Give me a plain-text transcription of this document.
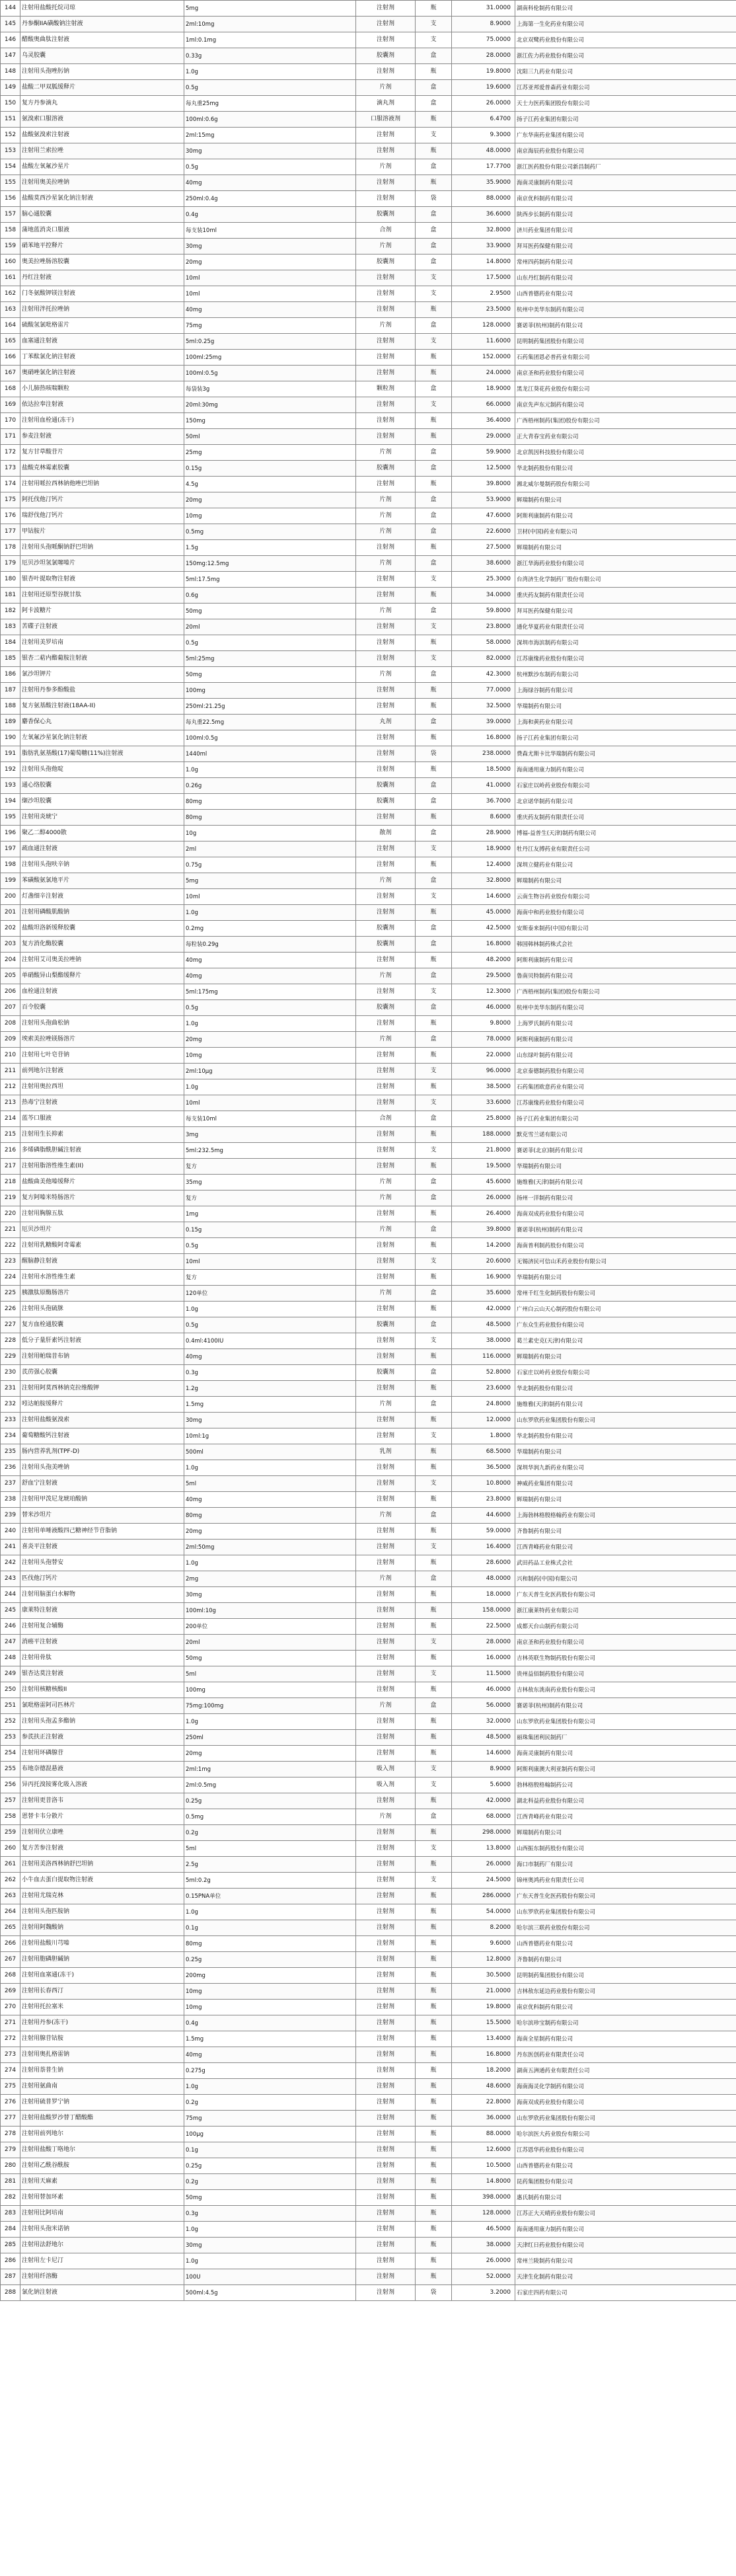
144	注射用盐酸托烷司琼	5mg	注射剂	瓶	31.0000	湖南科伦制药有限公司
145	丹参酮IIA磺酸钠注射液	2ml:10mg	注射剂	支	8.9000	上海第一生化药业有限公司
146	醋酸奥曲肽注射液	1ml:0.1mg	注射剂	支	75.0000	北京双鹭药业股份有限公司
147	乌灵胶囊	0.33g	胶囊剂	盒	28.0000	浙江佐力药业股份有限公司
148	注射用头孢唑肟钠	1.0g	注射剂	瓶	19.8000	沈阳三九药业有限公司
149	盐酸二甲双胍缓释片	0.5g	片剂	盒	19.6000	江苏亚邦爱普森药业有限公司
150	复方丹参滴丸	每丸重25mg	滴丸剂	盒	26.0000	天士力医药集团股份有限公司
151	氨溴索口服溶液	100ml:0.6g	口服溶液剂	瓶	6.4700	扬子江药业集团有限公司
152	盐酸氨溴索注射液	2ml:15mg	注射剂	支	9.3000	广东华南药业集团有限公司
153	注射用兰索拉唑	30mg	注射剂	瓶	48.0000	南京海辰药业股份有限公司
154	盐酸左氧氟沙星片	0.5g	片剂	盒	17.7700	浙江医药股份有限公司新昌制药厂
155	注射用奥美拉唑钠	40mg	注射剂	瓶	35.9000	海南灵康制药有限公司
156	盐酸莫西沙星氯化钠注射液	250ml:0.4g	注射剂	袋	88.0000	南京优科制药有限公司
157	脑心通胶囊	0.4g	胶囊剂	盒	36.6000	陕西步长制药有限公司
158	蒲地蓝消炎口服液	每支装10ml	合剂	盒	32.8000	济川药业集团有限公司
159	硝苯地平控释片	30mg	片剂	盒	33.9000	拜耳医药保健有限公司
160	奥美拉唑肠溶胶囊	20mg	胶囊剂	盒	14.8000	常州四药制药有限公司
161	丹红注射液	10ml	注射剂	支	17.5000	山东丹红制药有限公司
162	门冬氨酸钾镁注射液	10ml	注射剂	支	2.9500	山西普德药业有限公司
163	注射用泮托拉唑钠	40mg	注射剂	瓶	23.5000	杭州中美华东制药有限公司
164	硫酸氢氯吡格雷片	75mg	片剂	盒	128.0000	赛诺菲(杭州)制药有限公司
165	血塞通注射液	5ml:0.25g	注射剂	支	11.6000	昆明制药集团股份有限公司
166	丁苯酞氯化钠注射液	100ml:25mg	注射剂	瓶	152.0000	石药集团恩必普药业有限公司
167	奥硝唑氯化钠注射液	100ml:0.5g	注射剂	瓶	24.0000	南京圣和药业股份有限公司
168	小儿肺热咳喘颗粒	每袋装3g	颗粒剂	盒	18.9000	黑龙江葵花药业股份有限公司
169	依达拉奉注射液	20ml:30mg	注射剂	支	66.0000	南京先声东元制药有限公司
170	注射用血栓通(冻干)	150mg	注射剂	瓶	36.4000	广西梧州制药(集团)股份有限公司
171	参麦注射液	50ml	注射剂	瓶	29.0000	正大青春宝药业有限公司
172	复方甘草酸苷片	25mg	片剂	盒	59.9000	北京凯因科技股份有限公司
173	盐酸克林霉素胶囊	0.15g	胶囊剂	盒	12.5000	华北制药股份有限公司
174	注射用哌拉西林钠他唑巴坦钠	4.5g	注射剂	瓶	39.8000	湘北威尔曼制药股份有限公司
175	阿托伐他汀钙片	20mg	片剂	盒	53.9000	辉瑞制药有限公司
176	瑞舒伐他汀钙片	10mg	片剂	盒	47.6000	阿斯利康制药有限公司
177	甲钴胺片	0.5mg	片剂	盒	22.6000	卫材(中国)药业有限公司
178	注射用头孢哌酮钠舒巴坦钠	1.5g	注射剂	瓶	27.5000	辉瑞制药有限公司
179	厄贝沙坦氢氯噻嗪片	150mg:12.5mg	片剂	盒	38.6000	浙江华海药业股份有限公司
180	银杏叶提取物注射液	5ml:17.5mg	注射剂	支	25.3000	台湾济生化学制药厂股份有限公司
181	注射用还原型谷胱甘肽	0.6g	注射剂	瓶	34.0000	重庆药友制药有限责任公司
182	阿卡波糖片	50mg	片剂	盒	59.8000	拜耳医药保健有限公司
183	苦碟子注射液	20ml	注射剂	支	23.8000	通化华夏药业有限责任公司
184	注射用美罗培南	0.5g	注射剂	瓶	58.0000	深圳市海滨制药有限公司
185	银杏二萜内酯葡胺注射液	5ml:25mg	注射剂	支	82.0000	江苏康缘药业股份有限公司
186	氯沙坦钾片	50mg	片剂	盒	42.3000	杭州默沙东制药有限公司
187	注射用丹参多酚酸盐	100mg	注射剂	瓶	77.0000	上海绿谷制药有限公司
188	复方氨基酸注射液(18AA-II)	250ml:21.25g	注射剂	瓶	32.5000	华瑞制药有限公司
189	麝香保心丸	每丸重22.5mg	丸剂	盒	39.0000	上海和黄药业有限公司
190	左氧氟沙星氯化钠注射液	100ml:0.5g	注射剂	瓶	16.8000	扬子江药业集团有限公司
191	脂肪乳氨基酸(17)葡萄糖(11%)注射液	1440ml	注射剂	袋	238.0000	费森尤斯卡比华瑞制药有限公司
192	注射用头孢他啶	1.0g	注射剂	瓶	18.5000	海南通用康力制药有限公司
193	通心络胶囊	0.26g	胶囊剂	盒	41.0000	石家庄以岭药业股份有限公司
194	缬沙坦胶囊	80mg	胶囊剂	盒	36.7000	北京诺华制药有限公司
195	注射用炎琥宁	80mg	注射剂	瓶	8.6000	重庆药友制药有限责任公司
196	聚乙二醇4000散	10g	散剂	盒	28.9000	博福-益普生(天津)制药有限公司
197	疏血通注射液	2ml	注射剂	支	18.9000	牡丹江友搏药业有限责任公司
198	注射用头孢呋辛钠	0.75g	注射剂	瓶	12.4000	深圳立健药业有限公司
199	苯磺酸氨氯地平片	5mg	片剂	盒	32.8000	辉瑞制药有限公司
200	灯盏细辛注射液	10ml	注射剂	支	14.6000	云南生物谷药业股份有限公司
201	注射用磷酸肌酸钠	1.0g	注射剂	瓶	45.0000	海南中和药业股份有限公司
202	盐酸坦洛新缓释胶囊	0.2mg	胶囊剂	盒	42.5000	安斯泰来制药(中国)有限公司
203	复方消化酶胶囊	每粒装0.29g	胶囊剂	盒	16.8000	韩国韩林制药株式会社
204	注射用艾司奥美拉唑钠	40mg	注射剂	瓶	48.2000	阿斯利康制药有限公司
205	单硝酸异山梨酯缓释片	40mg	片剂	盒	29.5000	鲁南贝特制药有限公司
206	血栓通注射液	5ml:175mg	注射剂	支	12.3000	广西梧州制药(集团)股份有限公司
207	百令胶囊	0.5g	胶囊剂	盒	46.0000	杭州中美华东制药有限公司
208	注射用头孢曲松钠	1.0g	注射剂	瓶	9.8000	上海罗氏制药有限公司
209	埃索美拉唑镁肠溶片	20mg	片剂	盒	78.0000	阿斯利康制药有限公司
210	注射用七叶皂苷钠	10mg	注射剂	瓶	22.0000	山东绿叶制药有限公司
211	前列地尔注射液	2ml:10μg	注射剂	支	96.0000	北京泰德制药股份有限公司
212	注射用奥拉西坦	1.0g	注射剂	瓶	38.5000	石药集团欧意药业有限公司
213	热毒宁注射液	10ml	注射剂	支	33.6000	江苏康缘药业股份有限公司
214	蓝芩口服液	每支装10ml	合剂	盒	25.8000	扬子江药业集团有限公司
215	注射用生长抑素	3mg	注射剂	瓶	188.0000	默克雪兰诺有限公司
216	多烯磷脂酰胆碱注射液	5ml:232.5mg	注射剂	支	21.8000	赛诺菲(北京)制药有限公司
217	注射用脂溶性维生素(II)	复方	注射剂	瓶	19.5000	华瑞制药有限公司
218	盐酸曲美他嗪缓释片	35mg	片剂	盒	45.6000	施维雅(天津)制药有限公司
219	复方阿嗪米特肠溶片	复方	片剂	盒	26.0000	扬州一洋制药有限公司
220	注射用胸腺五肽	1mg	注射剂	瓶	26.4000	海南双成药业股份有限公司
221	厄贝沙坦片	0.15g	片剂	盒	39.8000	赛诺菲(杭州)制药有限公司
222	注射用乳糖酸阿奇霉素	0.5g	注射剂	瓶	14.2000	海南普利制药股份有限公司
223	醒脑静注射液	10ml	注射剂	支	20.6000	无锡济民可信山禾药业股份有限公司
224	注射用水溶性维生素	复方	注射剂	瓶	16.9000	华瑞制药有限公司
225	胰激肽原酶肠溶片	120单位	片剂	盒	35.6000	常州千红生化制药股份有限公司
226	注射用头孢硫脒	1.0g	注射剂	瓶	42.0000	广州白云山天心制药股份有限公司
227	复方血栓通胶囊	0.5g	胶囊剂	盒	48.5000	广东众生药业股份有限公司
228	低分子量肝素钙注射液	0.4ml:4100IU	注射剂	支	38.0000	葛兰素史克(天津)有限公司
229	注射用帕瑞昔布钠	40mg	注射剂	瓶	116.0000	辉瑞制药有限公司
230	芪苈强心胶囊	0.3g	胶囊剂	盒	52.8000	石家庄以岭药业股份有限公司
231	注射用阿莫西林钠克拉维酸钾	1.2g	注射剂	瓶	23.6000	华北制药股份有限公司
232	吲达帕胺缓释片	1.5mg	片剂	盒	24.8000	施维雅(天津)制药有限公司
233	注射用盐酸氨溴索	30mg	注射剂	瓶	12.0000	山东罗欣药业集团股份有限公司
234	葡萄糖酸钙注射液	10ml:1g	注射剂	支	1.8000	华北制药股份有限公司
235	肠内营养乳剂(TPF-D)	500ml	乳剂	瓶	68.5000	华瑞制药有限公司
236	注射用头孢美唑钠	1.0g	注射剂	瓶	36.5000	深圳华润九新药业有限公司
237	舒血宁注射液	5ml	注射剂	支	10.8000	神威药业集团有限公司
238	注射用甲泼尼龙琥珀酸钠	40mg	注射剂	瓶	23.8000	辉瑞制药有限公司
239	替米沙坦片	80mg	片剂	盒	44.6000	上海勃林格殷格翰药业有限公司
240	注射用单唾液酸四己糖神经节苷脂钠	20mg	注射剂	瓶	59.0000	齐鲁制药有限公司
241	喜炎平注射液	2ml:50mg	注射剂	支	16.4000	江西青峰药业有限公司
242	注射用头孢替安	1.0g	注射剂	瓶	28.6000	武田药品工业株式会社
243	匹伐他汀钙片	2mg	片剂	盒	48.0000	兴和制药(中国)有限公司
244	注射用脑蛋白水解物	30mg	注射剂	瓶	18.0000	广东天普生化医药股份有限公司
245	康莱特注射液	100ml:10g	注射剂	瓶	158.0000	浙江康莱特药业有限公司
246	注射用复合辅酶	200单位	注射剂	瓶	22.5000	成都天台山制药有限公司
247	消癌平注射液	20ml	注射剂	支	28.0000	南京圣和药业股份有限公司
248	注射用骨肽	50mg	注射剂	瓶	16.0000	吉林英联生物制药股份有限公司
249	银杏达莫注射液	5ml	注射剂	支	11.5000	贵州益佰制药股份有限公司
250	注射用核糖核酸II	100mg	注射剂	瓶	46.0000	吉林敖东洮南药业股份有限公司
251	氯吡格雷阿司匹林片	75mg:100mg	片剂	盒	56.0000	赛诺菲(杭州)制药有限公司
252	注射用头孢孟多酯钠	1.0g	注射剂	瓶	32.0000	山东罗欣药业集团股份有限公司
253	参芪扶正注射液	250ml	注射剂	瓶	48.5000	丽珠集团利民制药厂
254	注射用环磷腺苷	20mg	注射剂	瓶	14.6000	海南灵康制药有限公司
255	布地奈德混悬液	2ml:1mg	吸入剂	支	8.9000	阿斯利康澳大利亚制药有限公司
256	异丙托溴铵雾化吸入溶液	2ml:0.5mg	吸入剂	支	5.6000	勃林格殷格翰制药公司
257	注射用更昔洛韦	0.25g	注射剂	瓶	42.0000	湖北科益药业股份有限公司
258	恩替卡韦分散片	0.5mg	片剂	盒	68.0000	江西青峰药业有限公司
259	注射用伏立康唑	0.2g	注射剂	瓶	298.0000	辉瑞制药有限公司
260	复方苦参注射液	5ml	注射剂	支	13.8000	山西振东制药股份有限公司
261	注射用美洛西林钠舒巴坦钠	2.5g	注射剂	瓶	26.0000	海口市制药厂有限公司
262	小牛血去蛋白提取物注射液	5ml:0.2g	注射剂	支	24.5000	锦州奥鸿药业有限责任公司
263	注射用尤瑞克林	0.15PNA单位	注射剂	瓶	286.0000	广东天普生化医药股份有限公司
264	注射用头孢匹胺钠	1.0g	注射剂	瓶	54.0000	山东罗欣药业集团股份有限公司
265	注射用阿魏酸钠	0.1g	注射剂	瓶	8.2000	哈尔滨三联药业股份有限公司
266	注射用盐酸川芎嗪	80mg	注射剂	瓶	9.6000	山西普德药业有限公司
267	注射用胞磷胆碱钠	0.25g	注射剂	瓶	12.8000	齐鲁制药有限公司
268	注射用血塞通(冻干)	200mg	注射剂	瓶	30.5000	昆明制药集团股份有限公司
269	注射用长春西汀	10mg	注射剂	瓶	21.0000	吉林敖东延边药业股份有限公司
270	注射用托拉塞米	10mg	注射剂	瓶	19.8000	南京优科制药有限公司
271	注射用丹参(冻干)	0.4g	注射剂	瓶	15.5000	哈尔滨珍宝制药有限公司
272	注射用腺苷钴胺	1.5mg	注射剂	瓶	13.4000	海南全星制药有限公司
273	注射用奥扎格雷钠	40mg	注射剂	瓶	16.8000	丹东医创药业有限责任公司
274	注射用萘普生钠	0.275g	注射剂	瓶	18.2000	湖南五洲通药业有限责任公司
275	注射用氨曲南	1.0g	注射剂	瓶	48.6000	海南海灵化学制药有限公司
276	注射用硫普罗宁钠	0.2g	注射剂	瓶	22.8000	海南双成药业股份有限公司
277	注射用盐酸罗沙替丁醋酸酯	75mg	注射剂	瓶	36.0000	山东罗欣药业集团股份有限公司
278	注射用前列地尔	100μg	注射剂	瓶	88.0000	哈尔滨医大药业股份有限公司
279	注射用盐酸丁咯地尔	0.1g	注射剂	瓶	12.6000	江苏恩华药业股份有限公司
280	注射用乙酰谷酰胺	0.25g	注射剂	瓶	10.5000	山西普德药业有限公司
281	注射用天麻素	0.2g	注射剂	瓶	14.8000	昆药集团股份有限公司
282	注射用替加环素	50mg	注射剂	瓶	398.0000	惠氏制药有限公司
283	注射用比阿培南	0.3g	注射剂	瓶	128.0000	江苏正大天晴药业股份有限公司
284	注射用头孢米诺钠	1.0g	注射剂	瓶	46.5000	海南通用康力制药有限公司
285	注射用法舒地尔	30mg	注射剂	瓶	38.0000	天津红日药业股份有限公司
286	注射用左卡尼汀	1.0g	注射剂	瓶	26.0000	常州兰陵制药有限公司
287	注射用纤溶酶	100U	注射剂	瓶	52.0000	天津生化制药有限公司
288	氯化钠注射液	500ml:4.5g	注射剂	袋	3.2000	石家庄四药有限公司
